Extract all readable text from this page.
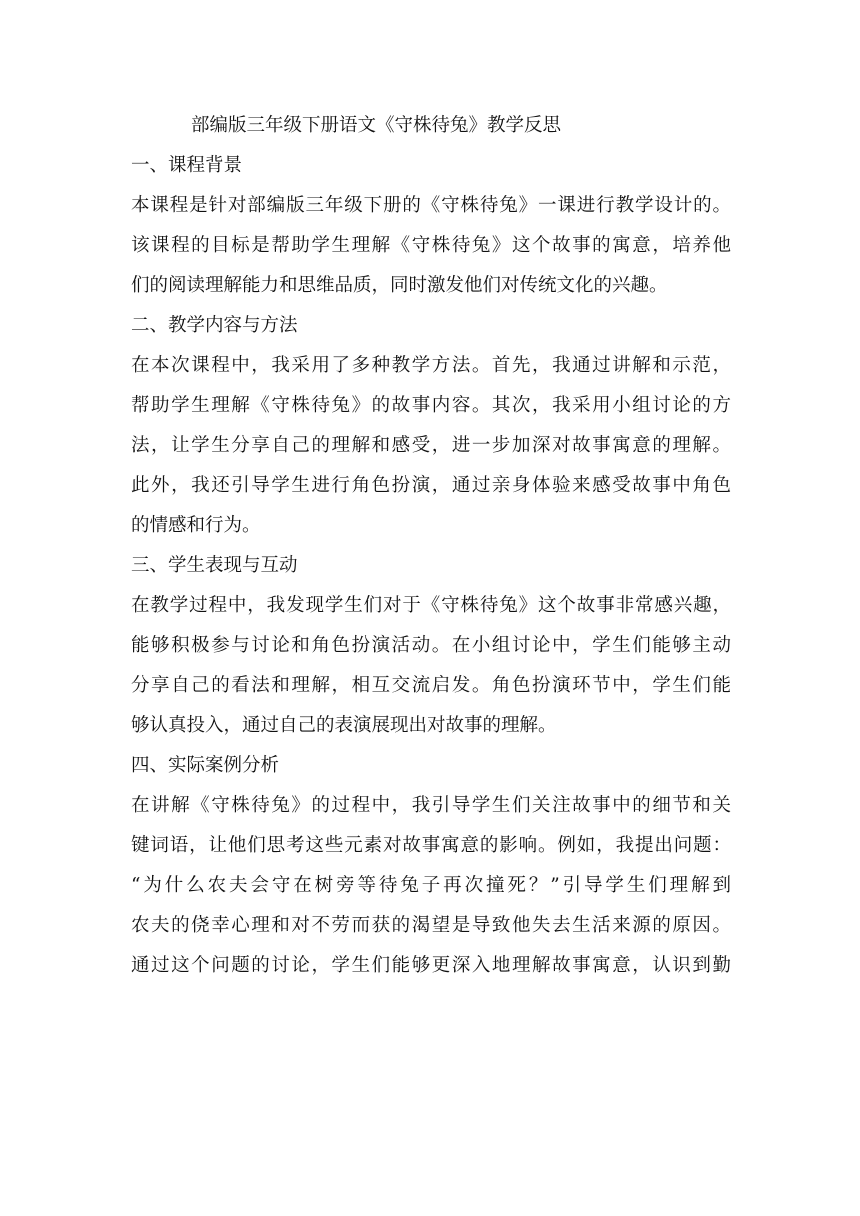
部编版三年级下册语文《守株待兔》教学反思
一、课程背景
本课程是针对部编版三年级下册的《守株待兔》一课进行教学设计的。
该课程的目标是帮助学生理解《守株待兔》这个故事的寓意，培养他
们的阅读理解能力和思维品质，同时激发他们对传统文化的兴趣。
二、教学内容与方法
在本次课程中，我采用了多种教学方法。首先，我通过讲解和示范，
帮助学生理解《守株待兔》的故事内容。其次，我采用小组讨论的方
法，让学生分享自己的理解和感受，进一步加深对故事寓意的理解。
此外，我还引导学生进行角色扮演，通过亲身体验来感受故事中角色
的情感和行为。
三、学生表现与互动
在教学过程中，我发现学生们对于《守株待兔》这个故事非常感兴趣，
能够积极参与讨论和角色扮演活动。在小组讨论中，学生们能够主动
分享自己的看法和理解，相互交流启发。角色扮演环节中，学生们能
够认真投入，通过自己的表演展现出对故事的理解。
四、实际案例分析
在讲解《守株待兔》的过程中，我引导学生们关注故事中的细节和关
键词语，让他们思考这些元素对故事寓意的影响。例如，我提出问题：
“为什么农夫会守在树旁等待兔子再次撞死？”引导学生们理解到
农夫的侥幸心理和对不劳而获的渴望是导致他失去生活来源的原因。
通过这个问题的讨论，学生们能够更深入地理解故事寓意，认识到勤
